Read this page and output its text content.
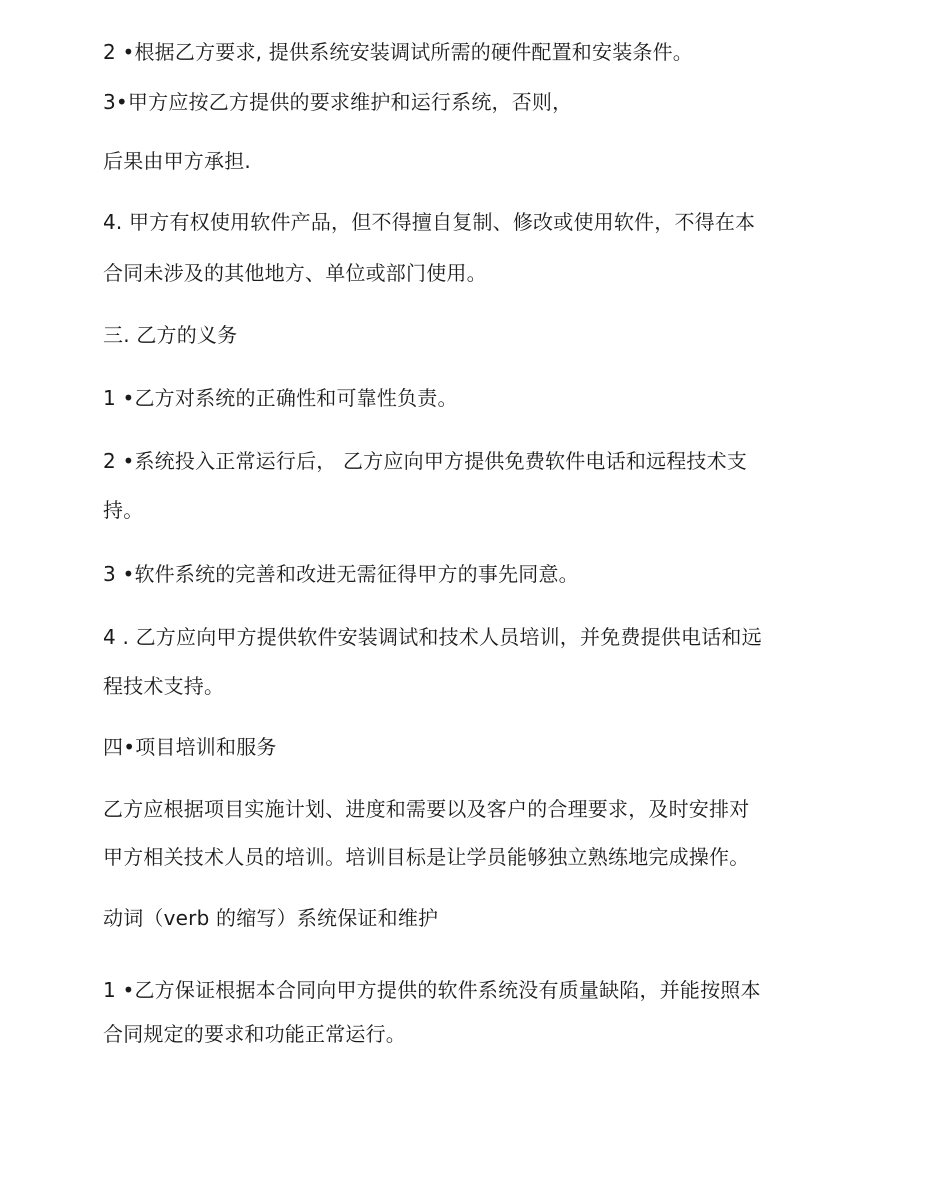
2 •根据乙方要求, 提供系统安装调试所需的硬件配置和安装条件。
3•甲方应按乙方提供的要求维护和运行系统，否则，
后果由甲方承担.
4. 甲方有权使用软件产品，但不得擅自复制、修改或使用软件，不得在本
合同未涉及的其他地方、单位或部门使用。
三. 乙方的义务
1 •乙方对系统的正确性和可靠性负责。
2 •系统投入正常运行后， 乙方应向甲方提供免费软件电话和远程技术支
持。
3 •软件系统的完善和改进无需征得甲方的事先同意。
4 . 乙方应向甲方提供软件安装调试和技术人员培训，并免费提供电话和远
程技术支持。
四•项目培训和服务
乙方应根据项目实施计划、进度和需要以及客户的合理要求，及时安排对
甲方相关技术人员的培训。培训目标是让学员能够独立熟练地完成操作。
动词（verb 的缩写）系统保证和维护
1 •乙方保证根据本合同向甲方提供的软件系统没有质量缺陷，并能按照本
合同规定的要求和功能正常运行。
